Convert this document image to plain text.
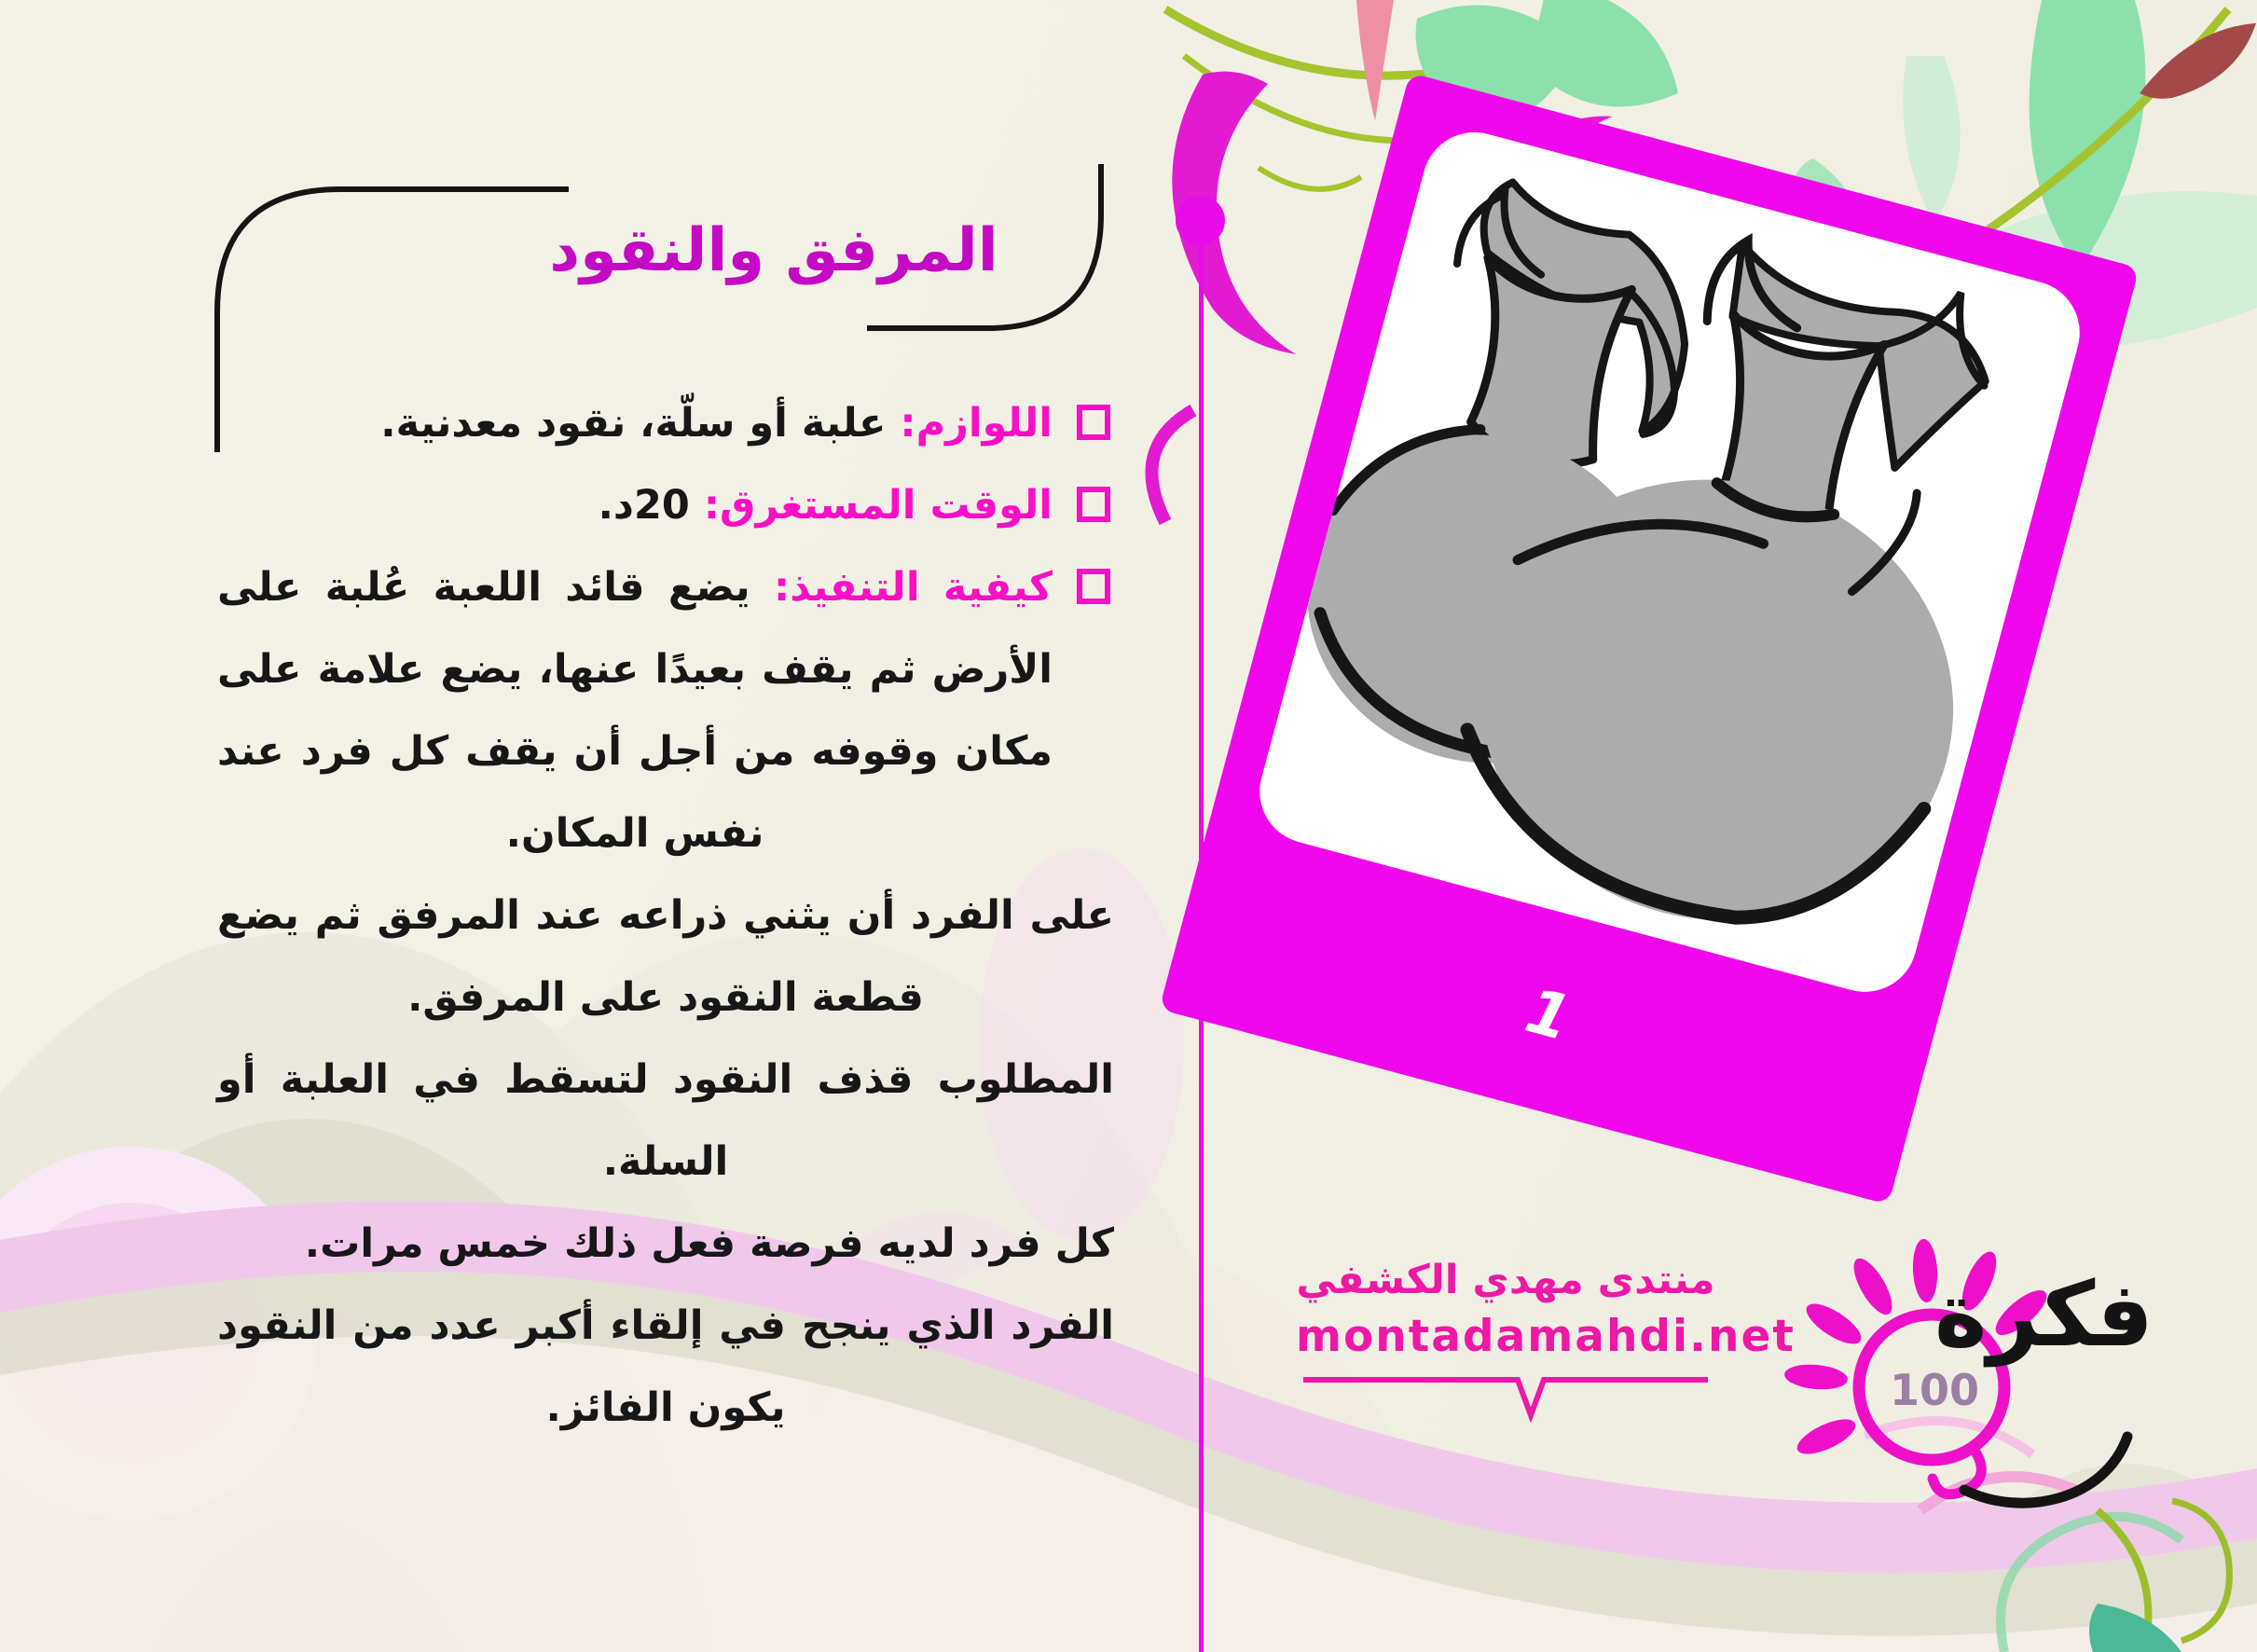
المرفق والنقود

اللوازم: علبة أو سلّة، نقود معدنية.

الوقت المستغرق: 20د.

كيفية التنفيذ: يضع قائد اللعبة عُلبة على الأرض ثم يقف بعيدًا عنها، يضع علامة على مكان وقوفه من أجل أن يقف كل فرد عند نفس المكان.

على الفرد أن يثني ذراعه عند المرفق ثم يضع قطعة النقود على المرفق.

المطلوب قذف النقود لتسقط في العلبة أو السلة.

كل فرد لديه فرصة فعل ذلك خمس مرات.

الفرد الذي ينجح في إلقاء أكبر عدد من النقود يكون الفائز.

1
منتدى مهدي الكشفي
montadamahdi.net
100
فكرة
